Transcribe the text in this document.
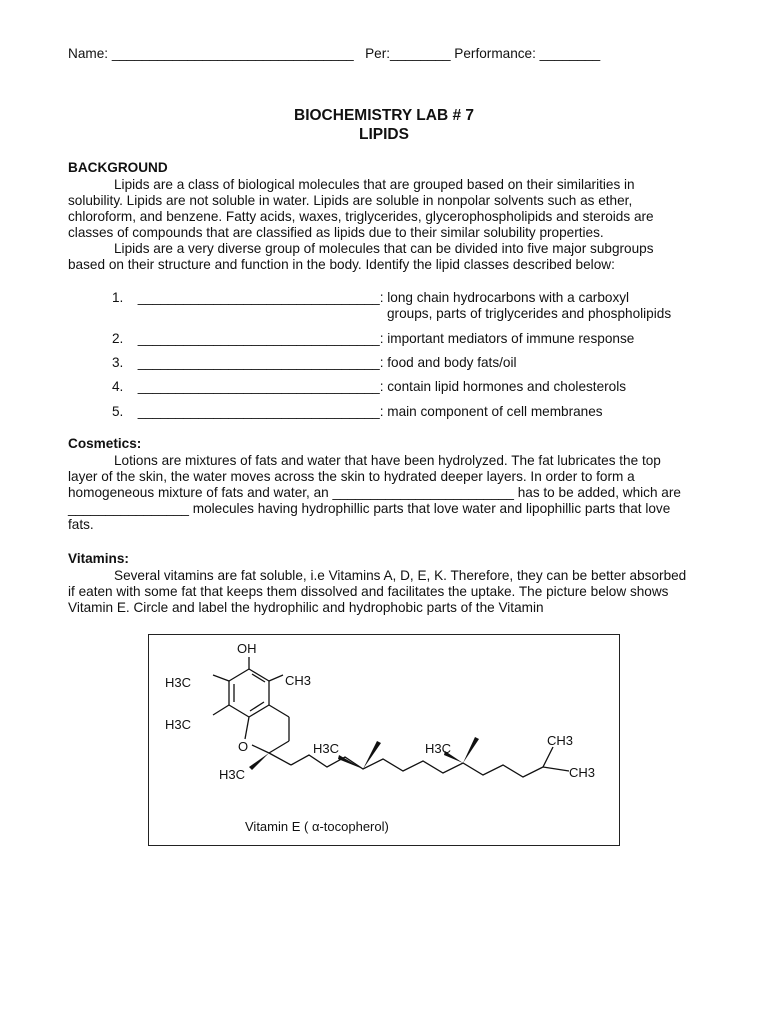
Name: ________________________________ Per:________ Performance: ________
BIOCHEMISTRY LAB # 7
LIPIDS
BACKGROUND

Lipids are a class of biological molecules that are grouped based on their similarities in

solubility. Lipids are not soluble in water. Lipids are soluble in nonpolar solvents such as ether,

chloroform, and benzene. Fatty acids, waxes, triglycerides, glycerophospholipids and steroids are

classes of compounds that are classified as lipids due to their similar solubility properties.

Lipids are a very diverse group of molecules that can be divided into five major subgroups

based on their structure and function in the body. Identify the lipid classes described below:

1. ________________________________: long chain hydrocarbons with a carboxyl
groups, parts of triglycerides and phospholipids
2. ________________________________: important mediators of immune response
3. ________________________________: food and body fats/oil
4. ________________________________: contain lipid hormones and cholesterols
5. ________________________________: main component of cell membranes
Cosmetics:

Lotions are mixtures of fats and water that have been hydrolyzed. The fat lubricates the top

layer of the skin, the water moves across the skin to hydrated deeper layers. In order to form a

homogeneous mixture of fats and water, an ________________________ has to be added, which are

________________ molecules having hydrophillic parts that love water and lipophillic parts that love

fats.

Vitamins:

Several vitamins are fat soluble, i.e Vitamins A, D, E, K. Therefore, they can be better absorbed

if eaten with some fat that keeps them dissolved and facilitates the uptake. The picture below shows

Vitamin E. Circle and label the hydrophilic and hydrophobic parts of the Vitamin

OH
H3C	CH3
H3C
O
H3C
H3C	H3C
CH3
CH3
Vitamin E ( α-tocopherol)
